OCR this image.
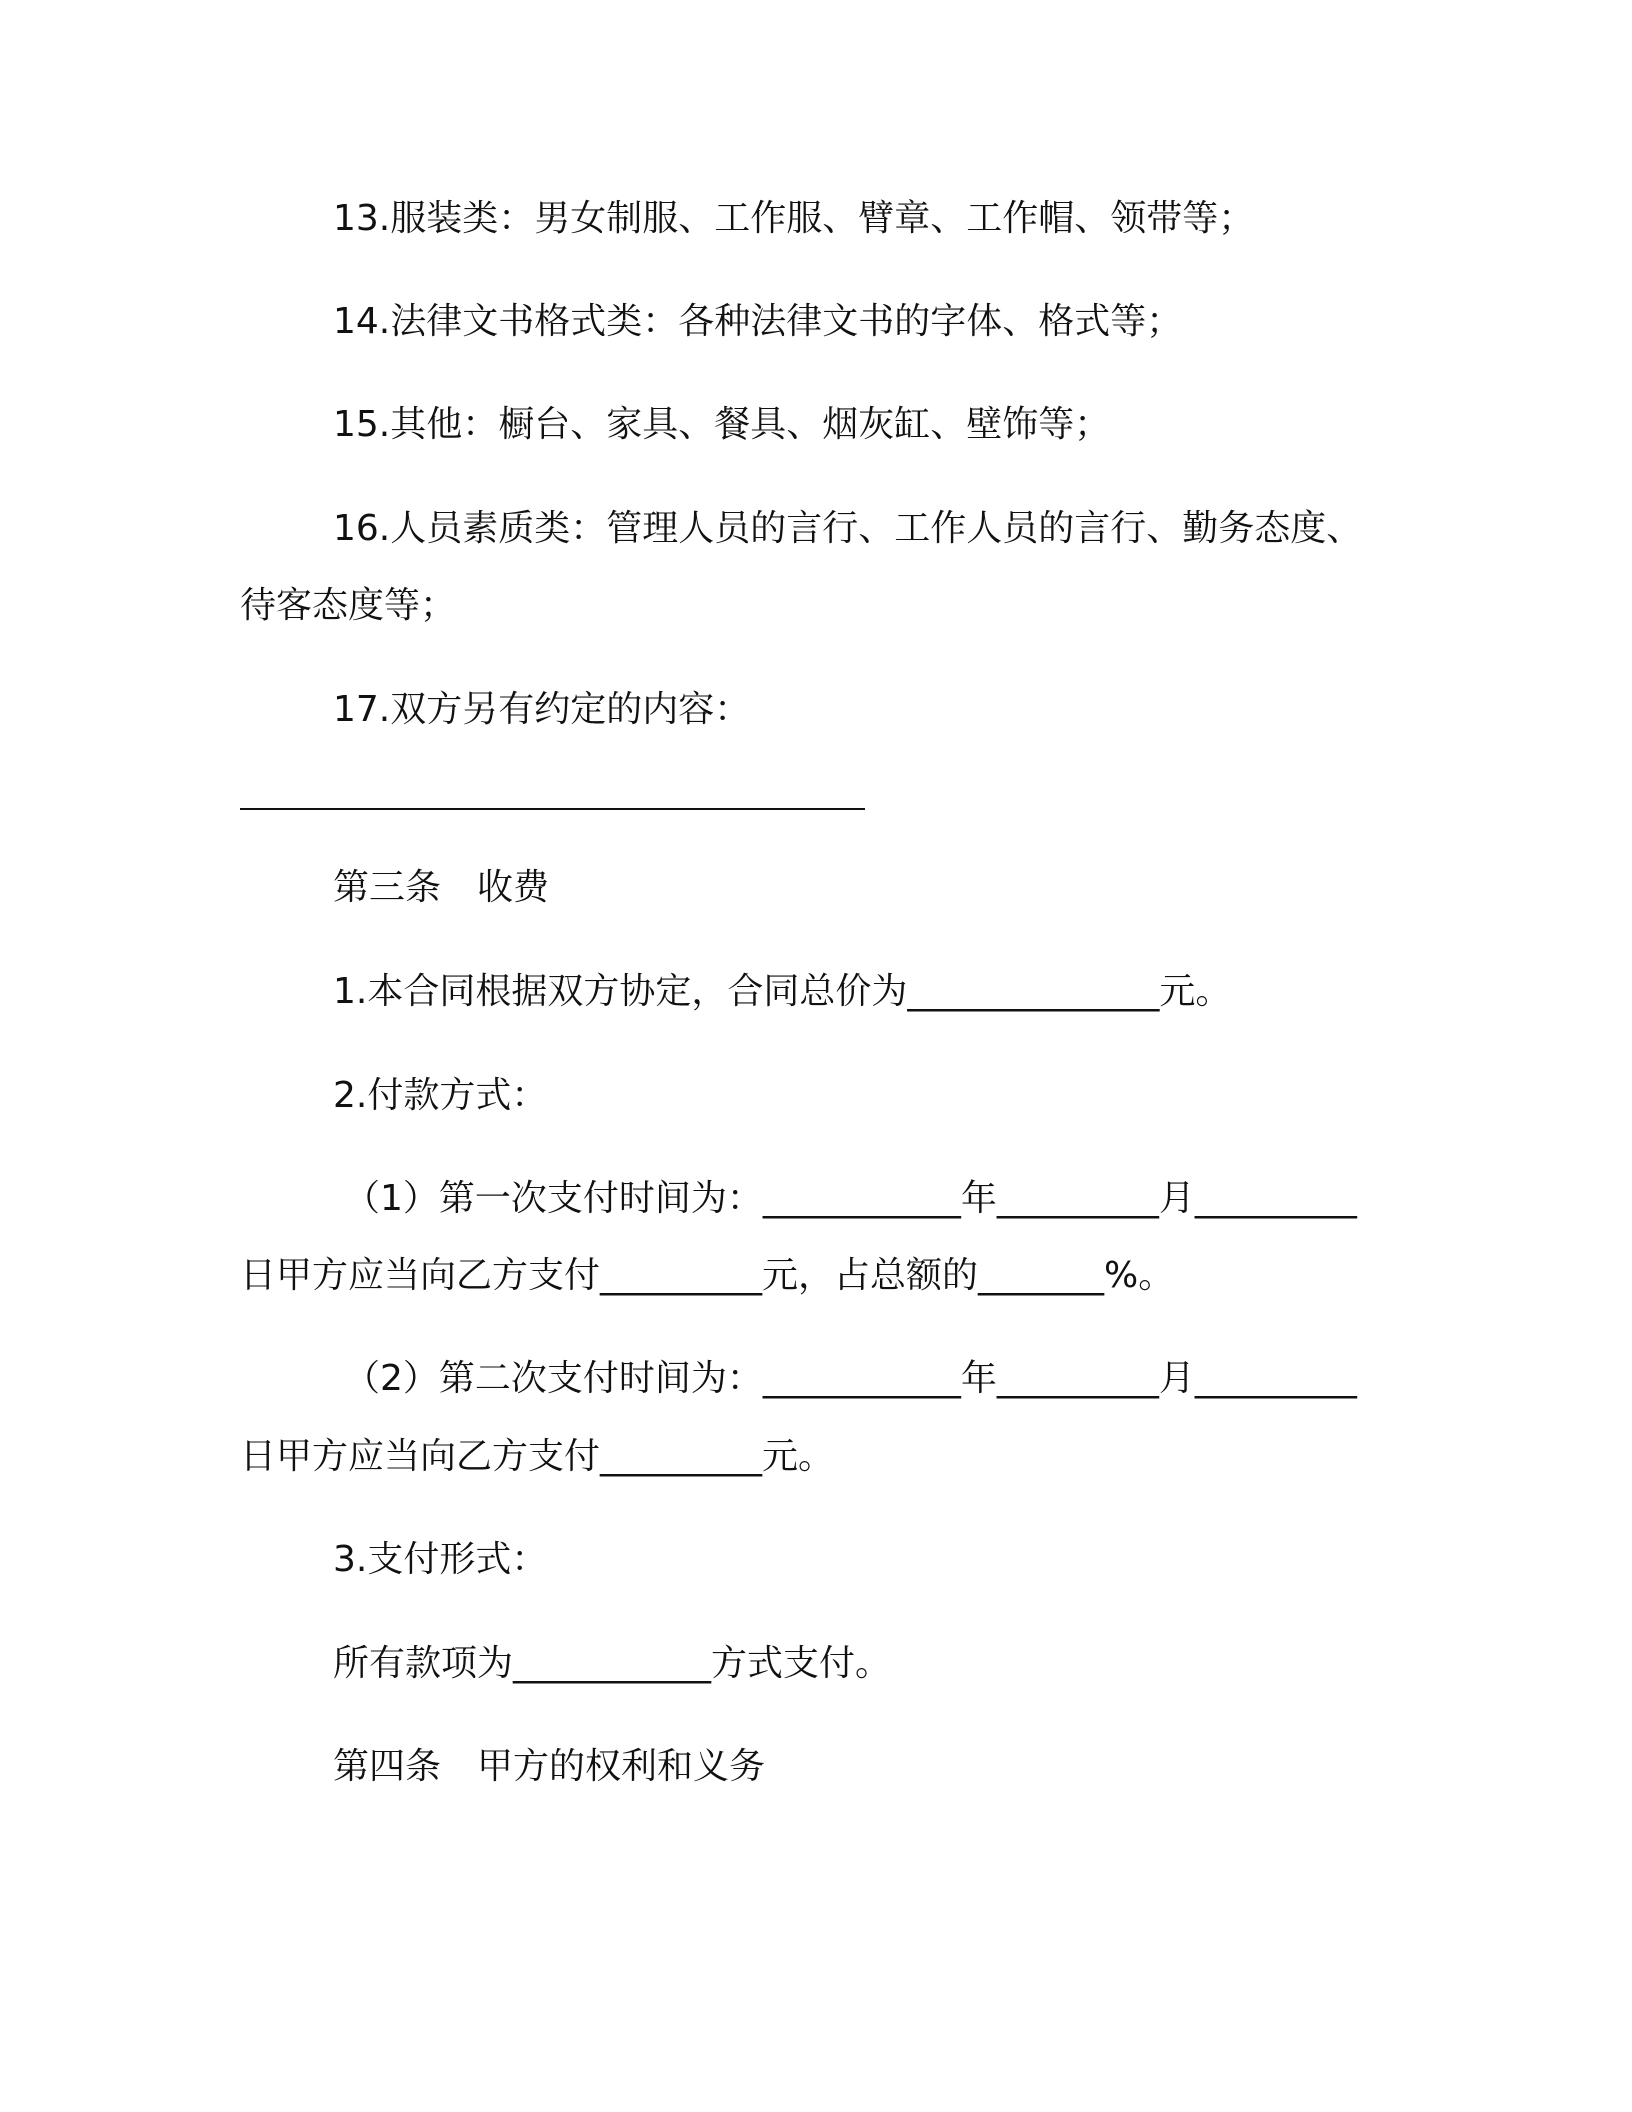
13.服装类：男女制服、工作服、臂章、工作帽、领带等；

14.法律文书格式类：各种法律文书的字体、格式等；

15.其他：橱台、家具、餐具、烟灰缸、壁饰等；

16.人员素质类：管理人员的言行、工作人员的言行、勤务态度、

待客态度等；

17.双方另有约定的内容：

第三条　收费

1.本合同根据双方协定，合同总价为______________元。

2.付款方式：

（1）第一次支付时间为：___________年_________月_________

日甲方应当向乙方支付_________元，占总额的_______%。

（2）第二次支付时间为：___________年_________月_________

日甲方应当向乙方支付_________元。

3.支付形式：

所有款项为___________方式支付。

第四条　甲方的权利和义务
